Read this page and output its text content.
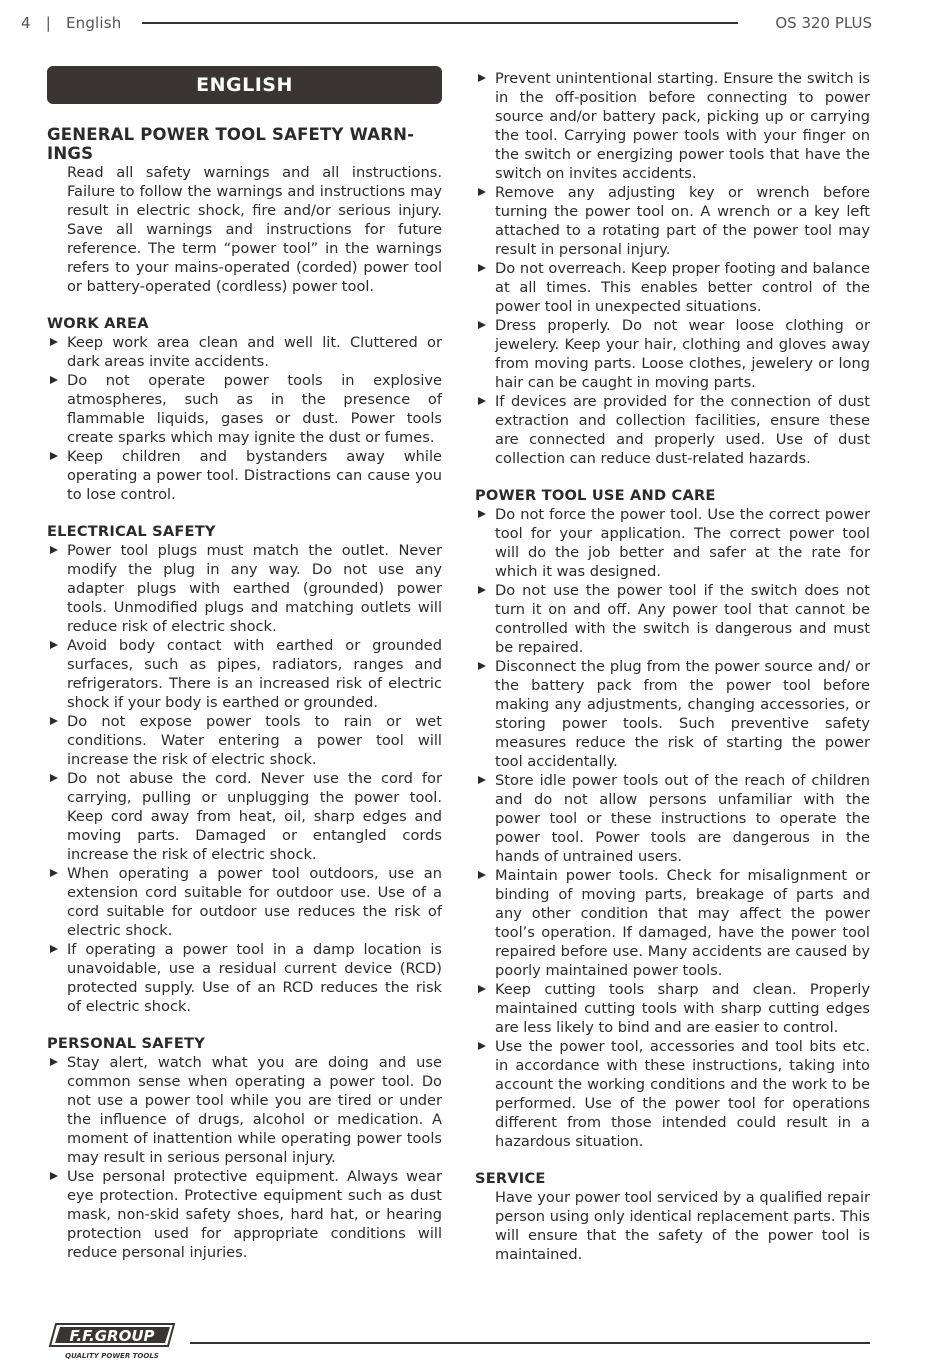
4 | English	OS 320 PLUS
ENGLISH
GENERAL POWER TOOL SAFETY WARN-
INGS

Read all safety warnings and all instructions. Failure to follow the warnings and instructions may result in electric shock, fire and/or serious injury. Save all warnings and instructions for future reference. The term “power tool” in the warnings refers to your mains-operated (corded) power tool or battery-operated (cordless) power tool.

WORK AREA
Keep work area clean and well lit. Cluttered or dark areas invite accidents.
Do not operate power tools in explosive atmospheres, such as in the presence of flammable liquids, gases or dust. Power tools create sparks which may ignite the dust or fumes.
Keep children and bystanders away while operating a power tool. Distractions can cause you to lose control.
ELECTRICAL SAFETY
Power tool plugs must match the outlet. Never modify the plug in any way. Do not use any adapter plugs with earthed (grounded) power tools. Unmodified plugs and matching outlets will reduce risk of electric shock.
Avoid body contact with earthed or grounded surfaces, such as pipes, radiators, ranges and refrigerators. There is an increased risk of electric shock if your body is earthed or grounded.
Do not expose power tools to rain or wet conditions. Water entering a power tool will increase the risk of electric shock.
Do not abuse the cord. Never use the cord for carrying, pulling or unplugging the power tool. Keep cord away from heat, oil, sharp edges and moving parts. Damaged or entangled cords increase the risk of electric shock.
When operating a power tool outdoors, use an extension cord suitable for outdoor use. Use of a cord suitable for outdoor use reduces the risk of electric shock.
If operating a power tool in a damp location is unavoidable, use a residual current device (RCD) protected supply. Use of an RCD reduces the risk of electric shock.
PERSONAL SAFETY
Stay alert, watch what you are doing and use common sense when operating a power tool. Do not use a power tool while you are tired or under the influence of drugs, alcohol or medication. A moment of inattention while operating power tools may result in serious personal injury.
Use personal protective equipment. Always wear eye protection. Protective equipment such as dust mask, non-skid safety shoes, hard hat, or hearing protection used for appropriate conditions will reduce personal injuries.
Prevent unintentional starting. Ensure the switch is in the off-position before connecting to power source and/or battery pack, picking up or carrying the tool. Carrying power tools with your finger on the switch or energizing power tools that have the switch on invites accidents.
Remove any adjusting key or wrench before turning the power tool on. A wrench or a key left attached to a rotating part of the power tool may result in personal injury.
Do not overreach. Keep proper footing and balance at all times. This enables better control of the power tool in unexpected situations.
Dress properly. Do not wear loose clothing or jewelery. Keep your hair, clothing and gloves away from moving parts. Loose clothes, jewelery or long hair can be caught in moving parts.
If devices are provided for the connection of dust extraction and collection facilities, ensure these are connected and properly used. Use of dust collection can reduce dust-related hazards.
POWER TOOL USE AND CARE
Do not force the power tool. Use the correct power tool for your application. The correct power tool will do the job better and safer at the rate for which it was designed.
Do not use the power tool if the switch does not turn it on and off. Any power tool that cannot be controlled with the switch is dangerous and must be repaired.
Disconnect the plug from the power source and/ or the battery pack from the power tool before making any adjustments, changing accessories, or storing power tools. Such preventive safety measures reduce the risk of starting the power tool accidentally.
Store idle power tools out of the reach of children and do not allow persons unfamiliar with the power tool or these instructions to operate the power tool. Power tools are dangerous in the hands of untrained users.
Maintain power tools. Check for misalignment or binding of moving parts, breakage of parts and any other condition that may affect the power tool’s operation. If damaged, have the power tool repaired before use. Many accidents are caused by poorly maintained power tools.
Keep cutting tools sharp and clean. Properly maintained cutting tools with sharp cutting edges are less likely to bind and are easier to control.
Use the power tool, accessories and tool bits etc. in accordance with these instructions, taking into account the working conditions and the work to be performed. Use of the power tool for operations different from those intended could result in a hazardous situation.
SERVICE

Have your power tool serviced by a qualified repair person using only identical replacement parts. This will ensure that the safety of the power tool is maintained.

F.F.GROUP
QUALITY POWER TOOLS
